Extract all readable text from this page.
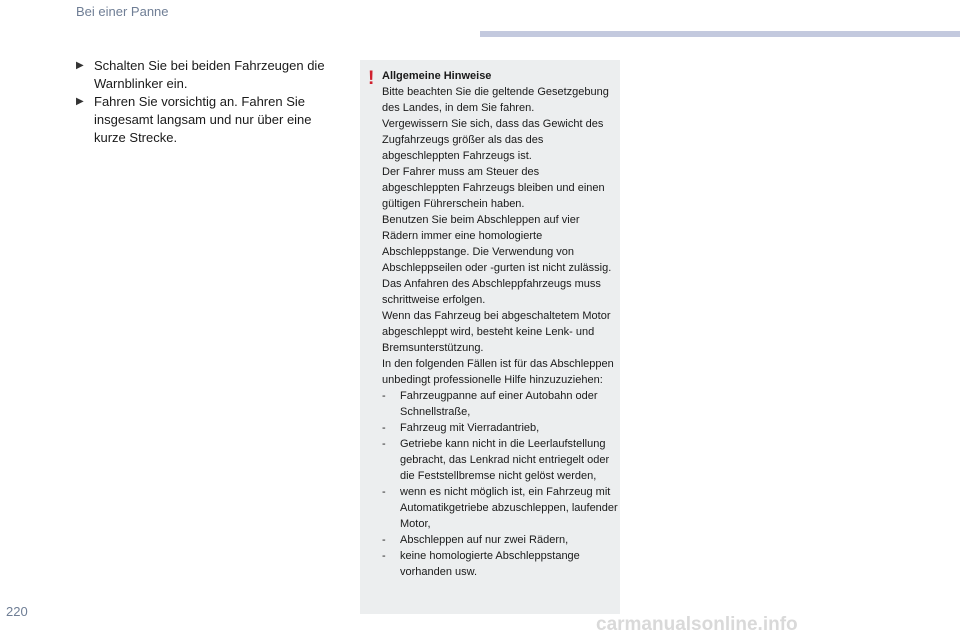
Bei einer Panne
▶ Schalten Sie bei beiden Fahrzeugen die Warnblinker ein.
▶ Fahren Sie vorsichtig an. Fahren Sie insgesamt langsam und nur über eine kurze Strecke.
! Allgemeine Hinweise

Bitte beachten Sie die geltende Gesetzgebung des Landes, in dem Sie fahren.

Vergewissern Sie sich, dass das Gewicht des Zugfahrzeugs größer als das des abgeschleppten Fahrzeugs ist.

Der Fahrer muss am Steuer des abgeschleppten Fahrzeugs bleiben und einen gültigen Führerschein haben.

Benutzen Sie beim Abschleppen auf vier Rädern immer eine homologierte Abschleppstange. Die Verwendung von Abschleppseilen oder -gurten ist nicht zulässig.

Das Anfahren des Abschleppfahrzeugs muss schrittweise erfolgen.

Wenn das Fahrzeug bei abgeschaltetem Motor abgeschleppt wird, besteht keine Lenk- und Bremsunterstützung.

In den folgenden Fällen ist für das Abschleppen unbedingt professionelle Hilfe hinzuzuziehen:

-	Fahrzeugpanne auf einer Autobahn oder Schnellstraße,
-	Fahrzeug mit Vierradantrieb,
-	Getriebe kann nicht in die Leerlaufstellung gebracht, das Lenkrad nicht entriegelt oder die Feststellbremse nicht gelöst werden,
-	wenn es nicht möglich ist, ein Fahrzeug mit Automatikgetriebe abzuschleppen, laufender Motor,
-	Abschleppen auf nur zwei Rädern,
-	keine homologierte Abschleppstange vorhanden usw.
220
carmanualsonline.info
